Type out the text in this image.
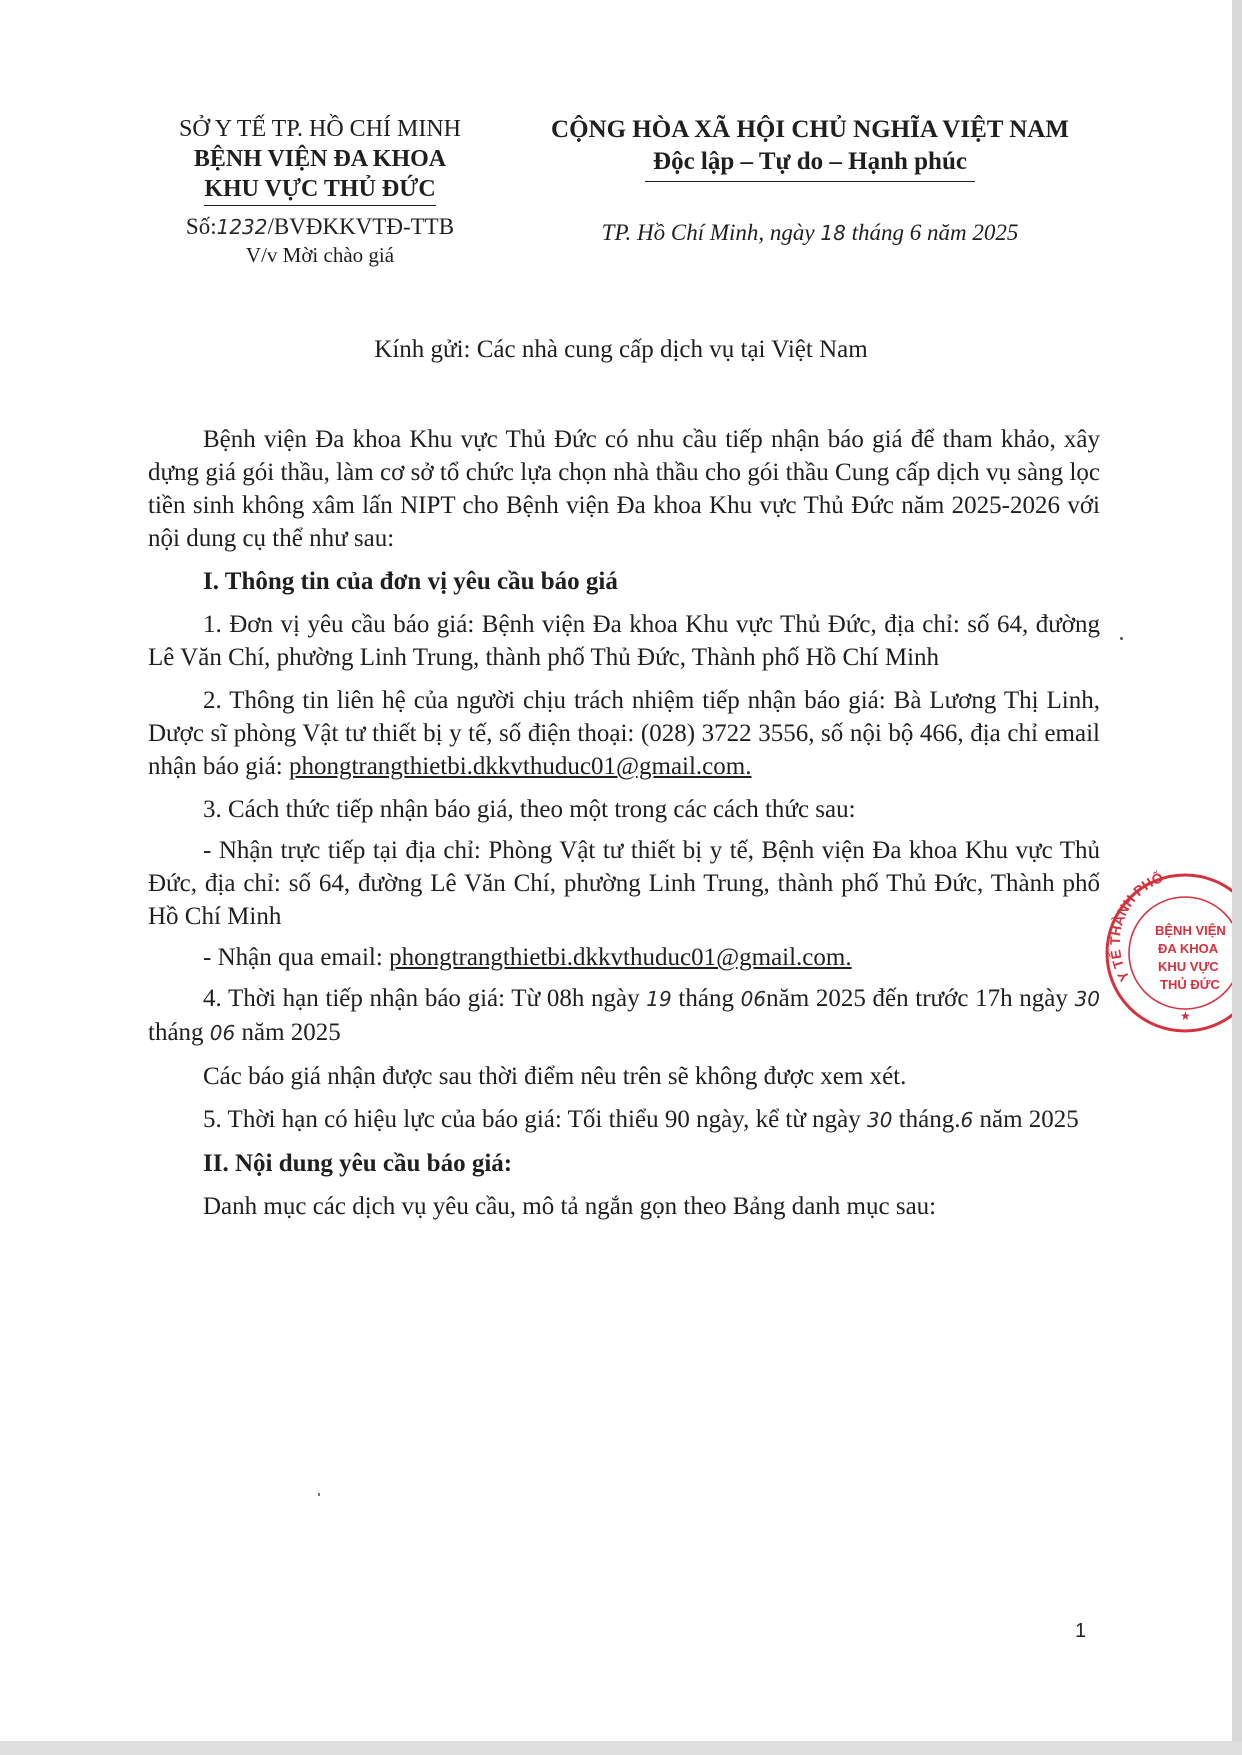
SỞ Y TẾ TP. HỒ CHÍ MINH
BỆNH VIỆN ĐA KHOA
KHU VỰC THỦ ĐỨC
Số:1232/BVĐKKVTĐ-TTB
V/v Mời chào giá
CỘNG HÒA XÃ HỘI CHỦ NGHĨA VIỆT NAM
Độc lập – Tự do – Hạnh phúc
TP. Hồ Chí Minh, ngày 18 tháng 6 năm 2025
Kính gửi: Các nhà cung cấp dịch vụ tại Việt Nam

Bệnh viện Đa khoa Khu vực Thủ Đức có nhu cầu tiếp nhận báo giá để tham khảo, xây dựng giá gói thầu, làm cơ sở tổ chức lựa chọn nhà thầu cho gói thầu Cung cấp dịch vụ sàng lọc tiền sinh không xâm lấn NIPT cho Bệnh viện Đa khoa Khu vực Thủ Đức năm 2025-2026 với nội dung cụ thể như sau:

I. Thông tin của đơn vị yêu cầu báo giá

1. Đơn vị yêu cầu báo giá: Bệnh viện Đa khoa Khu vực Thủ Đức, địa chỉ: số 64, đường Lê Văn Chí, phường Linh Trung, thành phố Thủ Đức, Thành phố Hồ Chí Minh

2. Thông tin liên hệ của người chịu trách nhiệm tiếp nhận báo giá: Bà Lương Thị Linh, Dược sĩ phòng Vật tư thiết bị y tế, số điện thoại: (028) 3722 3556, số nội bộ 466, địa chỉ email nhận báo giá: phongtrangthietbi.dkkvthuduc01@gmail.com.

3. Cách thức tiếp nhận báo giá, theo một trong các cách thức sau:

- Nhận trực tiếp tại địa chỉ: Phòng Vật tư thiết bị y tế, Bệnh viện Đa khoa Khu vực Thủ Đức, địa chỉ: số 64, đường Lê Văn Chí, phường Linh Trung, thành phố Thủ Đức, Thành phố Hồ Chí Minh

- Nhận qua email: phongtrangthietbi.dkkvthuduc01@gmail.com.

4. Thời hạn tiếp nhận báo giá: Từ 08h ngày 19 tháng 06năm 2025 đến trước 17h ngày 30 tháng 06 năm 2025

Các báo giá nhận được sau thời điểm nêu trên sẽ không được xem xét.

5. Thời hạn có hiệu lực của báo giá: Tối thiểu 90 ngày, kể từ ngày 30 tháng.6 năm 2025

II. Nội dung yêu cầu báo giá:

Danh mục các dịch vụ yêu cầu, mô tả ngắn gọn theo Bảng danh mục sau:

Y TẾ THÀNH PHỐ
BỆNH VIỆN
ĐA KHOA
KHU VỰC
THỦ ĐỨC
★
1
